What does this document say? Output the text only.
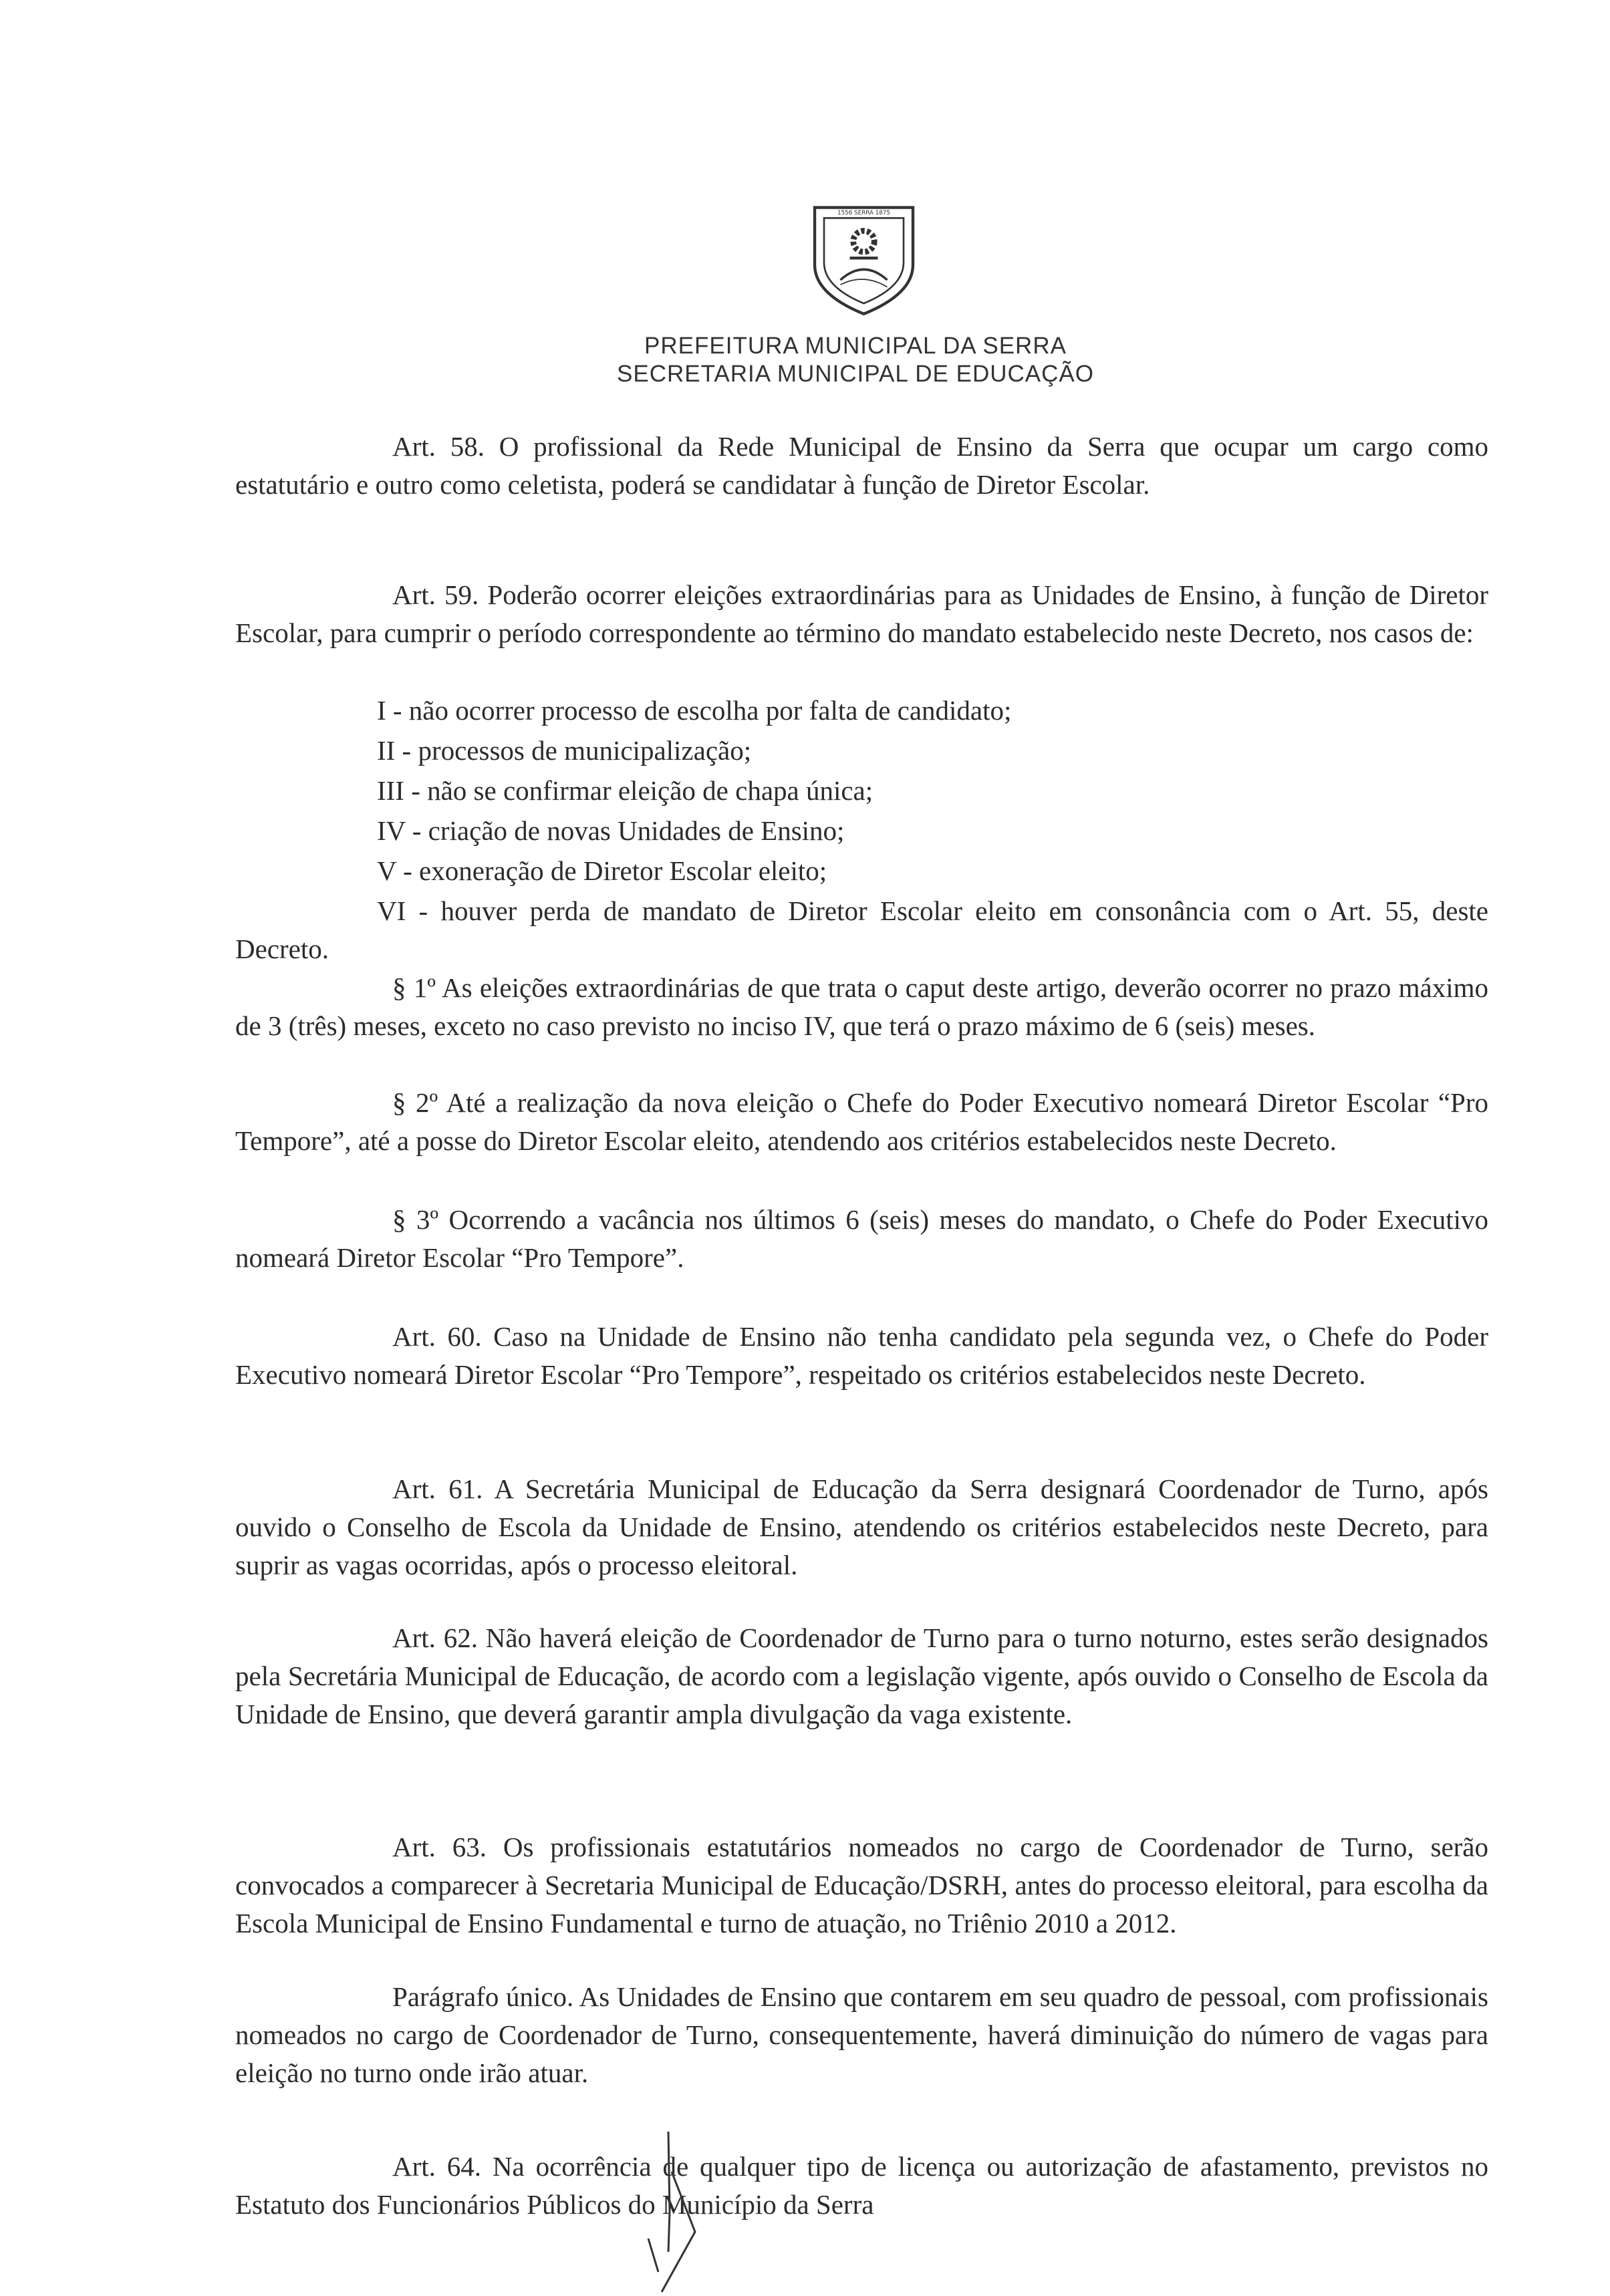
1556 SERRA 1875
PREFEITURA MUNICIPAL DA SERRA
SECRETARIA MUNICIPAL DE EDUCAÇÃO
Art. 58. O profissional da Rede Municipal de Ensino da Serra que ocupar um cargo como estatutário e outro como celetista, poderá se candidatar à função de Diretor Escolar.
Art. 59. Poderão ocorrer eleições extraordinárias para as Unidades de Ensino, à função de Diretor Escolar, para cumprir o período correspondente ao término do mandato estabelecido neste Decreto, nos casos de:
I - não ocorrer processo de escolha por falta de candidato;
II - processos de municipalização;
III - não se confirmar eleição de chapa única;
IV - criação de novas Unidades de Ensino;
V - exoneração de Diretor Escolar eleito;
VI - houver perda de mandato de Diretor Escolar eleito em consonância com o Art. 55, deste Decreto.
§ 1º As eleições extraordinárias de que trata o caput deste artigo, deverão ocorrer no prazo máximo de 3 (três) meses, exceto no caso previsto no inciso IV, que terá o prazo máximo de 6 (seis) meses.
§ 2º Até a realização da nova eleição o Chefe do Poder Executivo nomeará Diretor Escolar “Pro Tempore”, até a posse do Diretor Escolar eleito, atendendo aos critérios estabelecidos neste Decreto.
§ 3º Ocorrendo a vacância nos últimos 6 (seis) meses do mandato, o Chefe do Poder Executivo nomeará Diretor Escolar “Pro Tempore”.
Art. 60. Caso na Unidade de Ensino não tenha candidato pela segunda vez, o Chefe do Poder Executivo nomeará Diretor Escolar “Pro Tempore”, respeitado os critérios estabelecidos neste Decreto.
Art. 61. A Secretária Municipal de Educação da Serra designará Coordenador de Turno, após ouvido o Conselho de Escola da Unidade de Ensino, atendendo os critérios estabelecidos neste Decreto, para suprir as vagas ocorridas, após o processo eleitoral.
Art. 62. Não haverá eleição de Coordenador de Turno para o turno noturno, estes serão designados pela Secretária Municipal de Educação, de acordo com a legislação vigente, após ouvido o Conselho de Escola da Unidade de Ensino, que deverá garantir ampla divulgação da vaga existente.
Art. 63. Os profissionais estatutários nomeados no cargo de Coordenador de Turno, serão convocados a comparecer à Secretaria Municipal de Educação/DSRH, antes do processo eleitoral, para escolha da Escola Municipal de Ensino Fundamental e turno de atuação, no Triênio 2010 a 2012.
Parágrafo único. As Unidades de Ensino que contarem em seu quadro de pessoal, com profissionais nomeados no cargo de Coordenador de Turno, consequentemente, haverá diminuição do número de vagas para eleição no turno onde irão atuar.
Art. 64. Na ocorrência de qualquer tipo de licença ou autorização de afastamento, previstos no Estatuto dos Funcionários Públicos do Município da Serra
